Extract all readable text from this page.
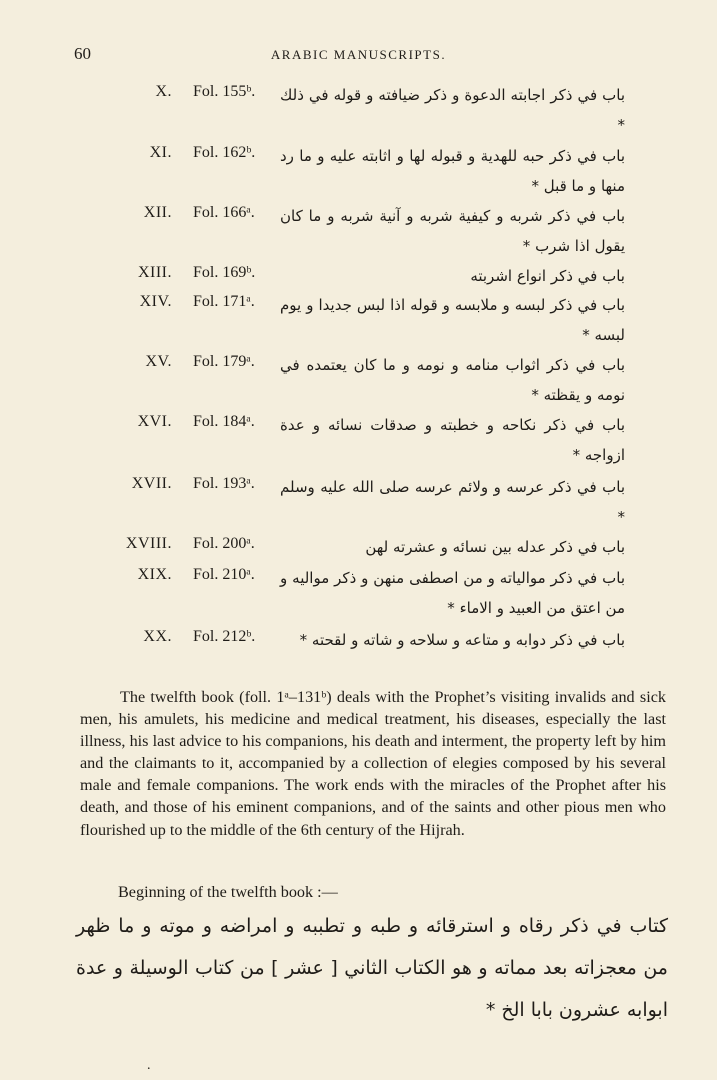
60	ARABIC MANUSCRIPTS.
X. Fol. 155ᵇ. باب في ذكر اجابته الدعوة و ذكر ضيافته و قوله في ذلك *
XI. Fol. 162ᵇ. باب في ذكر حبه للهدية و قبوله لها و اثابته عليه و ما رد منها و ما قبل *
XII. Fol. 166ᵃ. باب في ذكر شربه و كيفية شربه و آنية شربه و ما كان يقول اذا شرب *
XIII. Fol. 169ᵇ.	باب في ذكر انواع اشربته
XIV. Fol. 171ᵃ. باب في ذكر لبسه و ملابسه و قوله اذا لبس جديدا و يوم لبسه *
XV. Fol. 179ᵃ. باب في ذكر اثواب منامه و نومه و ما كان يعتمده في نومه و يقظته *
XVI. Fol. 184ᵃ. باب في ذكر نكاحه و خطبته و صدقات نسائه و عدة ازواجه *
XVII. Fol. 193ᵃ. باب في ذكر عرسه و ولائم عرسه صلى الله عليه وسلم *
XVIII. Fol. 200ᵃ.	باب في ذكر عدله بين نسائه و عشرته لهن
XIX. Fol. 210ᵃ. باب في ذكر موالياته و من اصطفى منهن و ذكر مواليه و من اعتق من العبيد و الاماء *
XX. Fol. 212ᵇ.	باب في ذكر دوابه و متاعه و سلاحه و شاته و لقحته *

The twelfth book (foll. 1ᵃ–131ᵇ) deals with the Prophet’s visiting invalids and sick men, his amulets, his medicine and medical treatment, his diseases, especially the last illness, his last advice to his companions, his death and interment, the property left by him and the claimants to it, accompanied by a collection of elegies composed by his several male and female companions. The work ends with the miracles of the Prophet after his death, and those of his eminent companions, and of the saints and other pious men who flourished up to the middle of the 6th century of the Hijrah.

Beginning of the twelfth book :—

كتاب في ذكر رقاه و استرقائه و طبه و تطببه و امراضه و موته و ما ظهر من معجزاته بعد مماته و هو الكتاب الثاني [ عشر ] من كتاب الوسيلة و عدة ابوابه عشرون بابا الخ *

.
